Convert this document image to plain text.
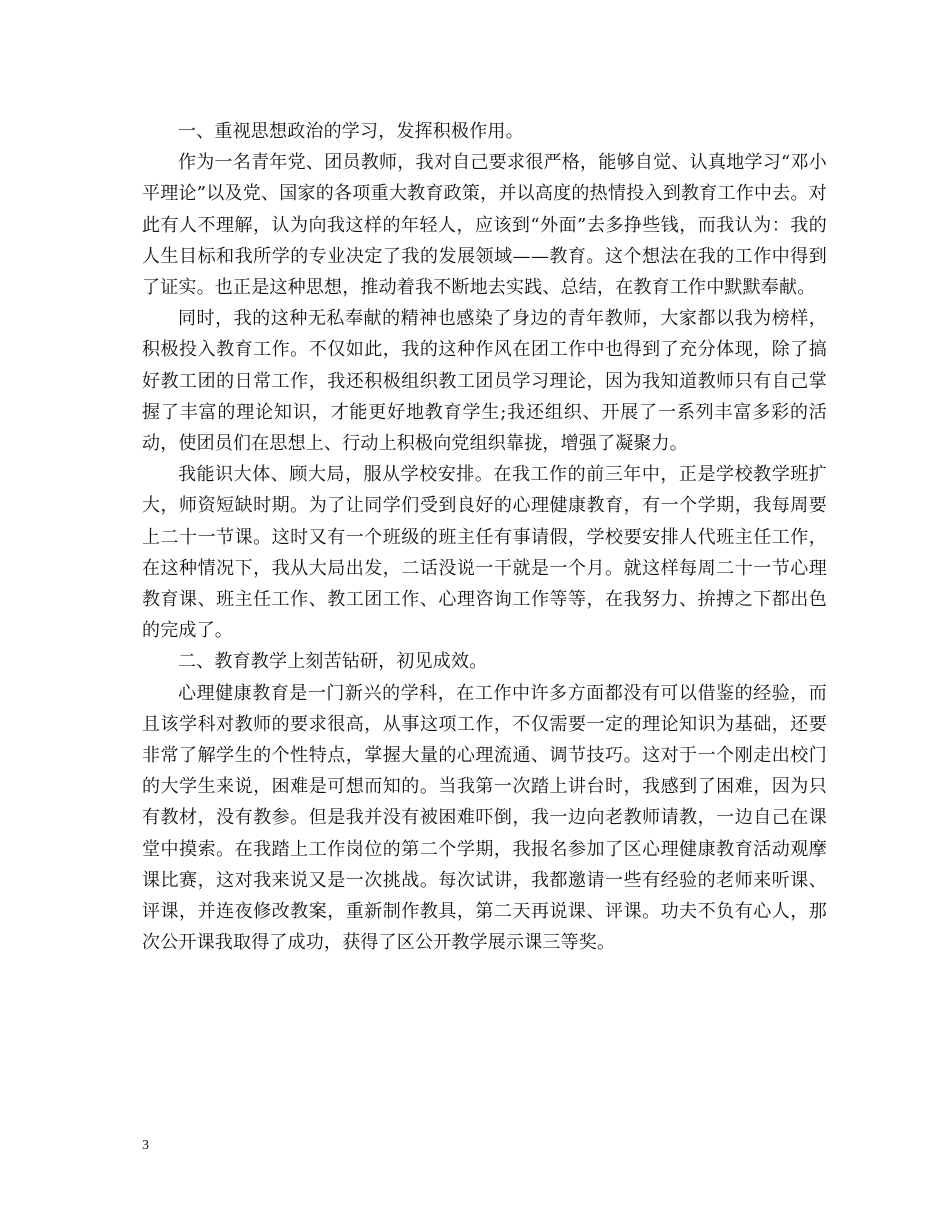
一、重视思想政治的学习，发挥积极作用。

作为一名青年党、团员教师，我对自己要求很严格，能够自觉、认真地学习“邓小平理论”以及党、国家的各项重大教育政策，并以高度的热情投入到教育工作中去。对此有人不理解，认为向我这样的年轻人，应该到“外面”去多挣些钱，而我认为：我的人生目标和我所学的专业决定了我的发展领域——教育。这个想法在我的工作中得到了证实。也正是这种思想，推动着我不断地去实践、总结，在教育工作中默默奉献。

同时，我的这种无私奉献的精神也感染了身边的青年教师，大家都以我为榜样，积极投入教育工作。不仅如此，我的这种作风在团工作中也得到了充分体现，除了搞好教工团的日常工作，我还积极组织教工团员学习理论，因为我知道教师只有自己掌握了丰富的理论知识，才能更好地教育学生;我还组织、开展了一系列丰富多彩的活动，使团员们在思想上、行动上积极向党组织靠拢，增强了凝聚力。

我能识大体、顾大局，服从学校安排。在我工作的前三年中，正是学校教学班扩大，师资短缺时期。为了让同学们受到良好的心理健康教育，有一个学期，我每周要上二十一节课。这时又有一个班级的班主任有事请假，学校要安排人代班主任工作，在这种情况下，我从大局出发，二话没说一干就是一个月。就这样每周二十一节心理教育课、班主任工作、教工团工作、心理咨询工作等等，在我努力、拚搏之下都出色的完成了。

二、教育教学上刻苦钻研，初见成效。

心理健康教育是一门新兴的学科，在工作中许多方面都没有可以借鉴的经验，而且该学科对教师的要求很高，从事这项工作，不仅需要一定的理论知识为基础，还要非常了解学生的个性特点，掌握大量的心理流通、调节技巧。这对于一个刚走出校门的大学生来说，困难是可想而知的。当我第一次踏上讲台时，我感到了困难，因为只有教材，没有教参。但是我并没有被困难吓倒，我一边向老教师请教，一边自己在课堂中摸索。在我踏上工作岗位的第二个学期，我报名参加了区心理健康教育活动观摩课比赛，这对我来说又是一次挑战。每次试讲，我都邀请一些有经验的老师来听课、评课，并连夜修改教案，重新制作教具，第二天再说课、评课。功夫不负有心人，那次公开课我取得了成功，获得了区公开教学展示课三等奖。

3
